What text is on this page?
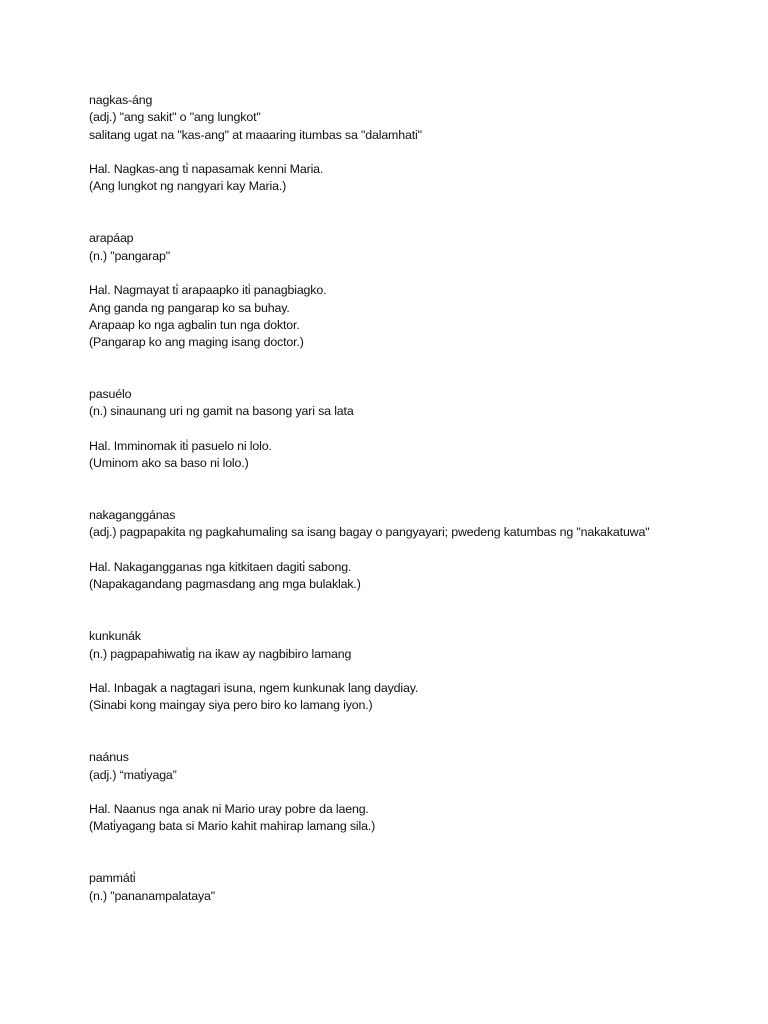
nagkas-áng
(adj.) "ang sakit" o "ang lungkot"
salitang ugat na "kas-ang" at maaaring itumbas sa "dalamhati"
Hal. Nagkas-ang ti̇ napasamak kenni Maria.
(Ang lungkot ng nangyari kay Maria.)
arapáap
(n.) "pangarap"
Hal. Nagmayat ti̇ arapaapko iti̇ panagbiagko.
Ang ganda ng pangarap ko sa buhay.
Arapaap ko nga agbalin tun nga doktor.
(Pangarap ko ang maging isang doctor.)
pasuélo
(n.) sinaunang uri ng gamit na basong yari sa lata
Hal. Imminomak iti̇ pasuelo ni lolo.
(Uminom ako sa baso ni lolo.)
nakaganggánas
(adj.) pagpapakita ng pagkahumaling sa isang bagay o pangyayari; pwedeng katumbas ng "nakakatuwa"
Hal. Nakagangganas nga kitkitaen dagiti̇ sabong.
(Napakagandang pagmasdang ang mga bulaklak.)
kunkunák
(n.) pagpapahiwati̇g na ikaw ay nagbibiro lamang
Hal. Inbagak a nagtagari isuna, ngem kunkunak lang daydiay.
(Sinabi kong maingay siya pero biro ko lamang iyon.)
naánus
(adj.) “mati̇yaga”
Hal. Naanus nga anak ni Mario uray pobre da laeng.
(Mati̇yagang bata si Mario kahit mahirap lamang sila.)
pammáti̇
(n.) "pananampalataya"
